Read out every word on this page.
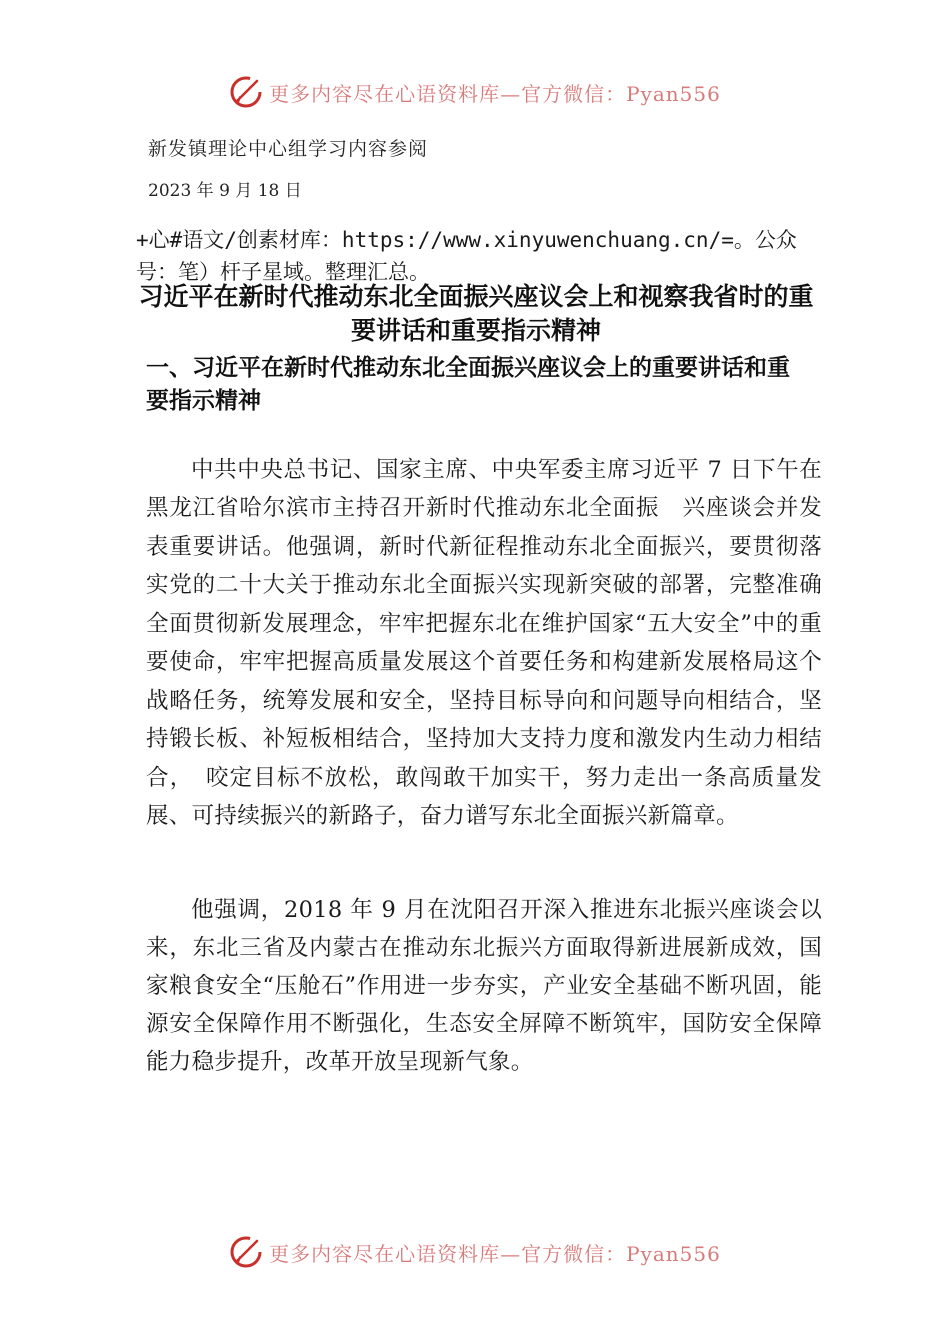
更多内容尽在心语资料库—官方微信：Pyan556
新发镇理论中心组学习内容参阅
2023 年 9 月 18 日
+心#语文/创素材库：https://www.xinyuwenchuang.cn/=。公众号：笔）杆子星域。整理汇总。
习近平在新时代推动东北全面振兴座议会上和视察我省时的重要讲话和重要指示精神
一、习近平在新时代推动东北全面振兴座议会上的重要讲话和重要指示精神

中共中央总书记、国家主席、中央军委主席习近平 7 日下午在黑龙江省哈尔滨市主持召开新时代推动东北全面振　兴座谈会并发表重要讲话。他强调，新时代新征程推动东北全面振兴，要贯彻落实党的二十大关于推动东北全面振兴实现新突破的部署，完整准确全面贯彻新发展理念，牢牢把握东北在维护国家“五大安全”中的重要使命，牢牢把握高质量发展这个首要任务和构建新发展格局这个战略任务，统筹发展和安全，坚持目标导向和问题导向相结合，坚持锻长板、补短板相结合，坚持加大支持力度和激发内生动力相结合，　咬定目标不放松，敢闯敢干加实干，努力走出一条高质量发展、可持续振兴的新路子，奋力谱写东北全面振兴新篇章。

他强调，2018 年 9 月在沈阳召开深入推进东北振兴座谈会以来，东北三省及内蒙古在推动东北振兴方面取得新进展新成效，国家粮食安全“压舱石”作用进一步夯实，产业安全基础不断巩固，能源安全保障作用不断强化，生态安全屏障不断筑牢，国防安全保障能力稳步提升，改革开放呈现新气象。

更多内容尽在心语资料库—官方微信：Pyan556
